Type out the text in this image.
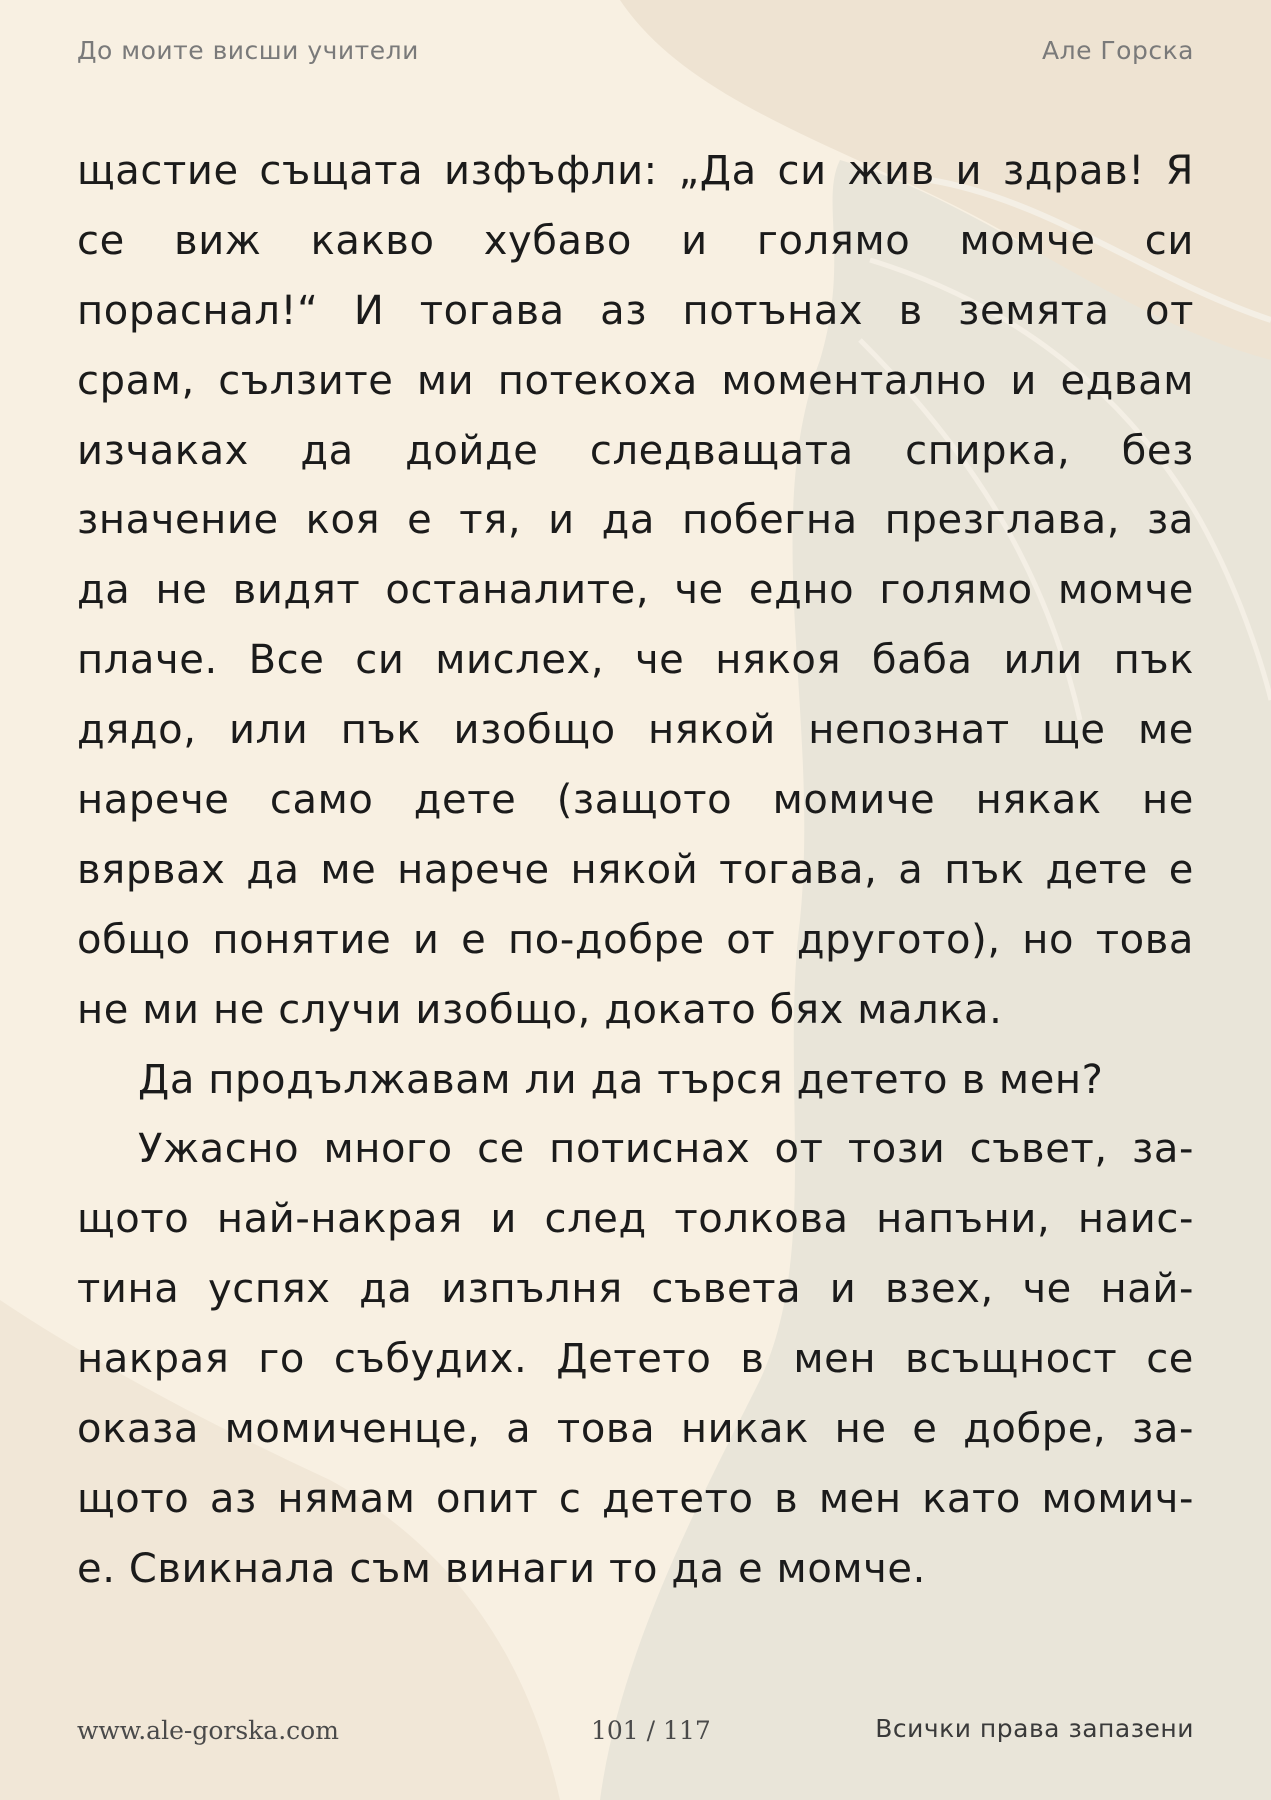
До моите висши учители	Але Горска
щастие същата изфъфли: „Да си жив и здрав! Я
се виж какво хубаво и голямо момче си
пораснал!“ И тогава аз потънах в земята от
срам, сълзите ми потекоха моментално и едвам
изчаках да дойде следващата спирка, без
значение коя е тя, и да побегна презглава, за
да не видят останалите, че едно голямо момче
плаче. Все си мислех, че някоя баба или пък
дядо, или пък изобщо някой непознат ще ме
нарече само дете (защото момиче някак не
вярвах да ме нарече някой тогава, а пък дете е
общо понятие и е по-добре от другото), но това
не ми не случи изобщо, докато бях малка.
Да продължавам ли да търся детето в мен?
Ужасно много се потиснах от този съвет, за-
щото най-накрая и след толкова напъни, наис-
тина успях да изпълня съвета и взех, че най-
накрая го събудих. Детето в мен всъщност се
оказа момиченце, а това никак не е добре, за-
щото аз нямам опит с детето в мен като момич-
е. Свикнала съм винаги то да е момче.
www.ale-gorska.com	101 / 117	Всички права запазени
